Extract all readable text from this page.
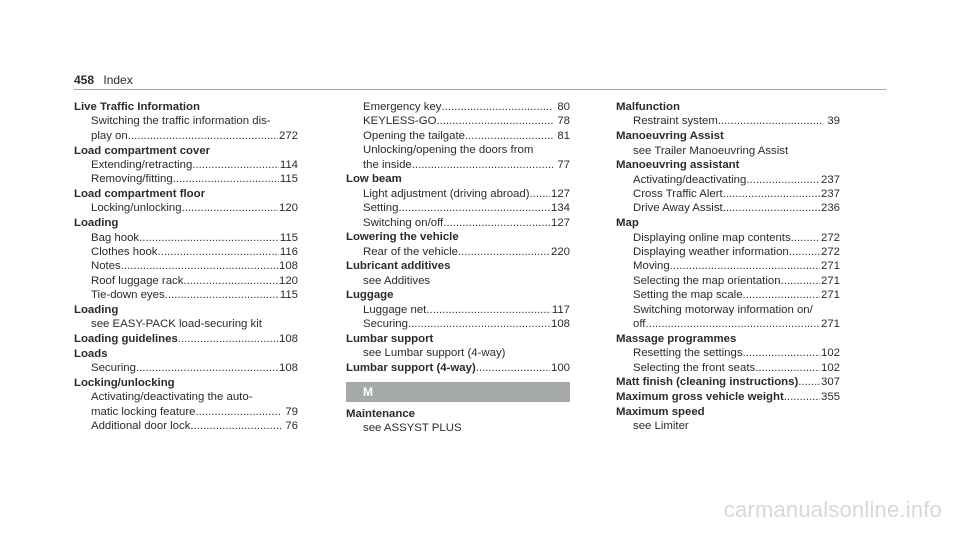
458 Index
Live Traffic Information
Switching the traffic information dis-
play on .....	272
Load compartment cover
Extending/retracting .....	114
Removing/fitting .....	115
Load compartment floor
Locking/unlocking .....	120
Loading
Bag hook .....	115
Clothes hook .....	116
Notes .....	108
Roof luggage rack .....	120
Tie-down eyes .....	115
Loading
see EASY-PACK load-securing kit
Loading guidelines .....	108
Loads
Securing .....	108
Locking/unlocking
Activating/deactivating the auto-
matic locking feature .....	79
Additional door lock .....	76
Emergency key .....	80
KEYLESS-GO .....	78
Opening the tailgate .....	81
Unlocking/opening the doors from
the inside .....	77
Low beam
Light adjustment (driving abroad) ..... 127
Setting .....	134
Switching on/off .....	127
Lowering the vehicle
Rear of the vehicle .....	220
Lubricant additives
see Additives
Luggage
Luggage net .....	117
Securing .....	108
Lumbar support
see Lumbar support (4-way)
Lumbar support (4-way) .....	100
M
Maintenance
see ASSYST PLUS
Malfunction
Restraint system .....	39
Manoeuvring Assist
see Trailer Manoeuvring Assist
Manoeuvring assistant
Activating/deactivating .....	237
Cross Traffic Alert .....	237
Drive Away Assist .....	236
Map
Displaying online map contents .....	272
Displaying weather information .....	272
Moving .....	271
Selecting the map orientation .....	271
Setting the map scale .....	271
Switching motorway information on/
off .....	271
Massage programmes
Resetting the settings .....	102
Selecting the front seats .....	102
Matt finish (cleaning instructions) ..... 307
Maximum gross vehicle weight .....	355
Maximum speed
see Limiter
carmanualsonline.info
